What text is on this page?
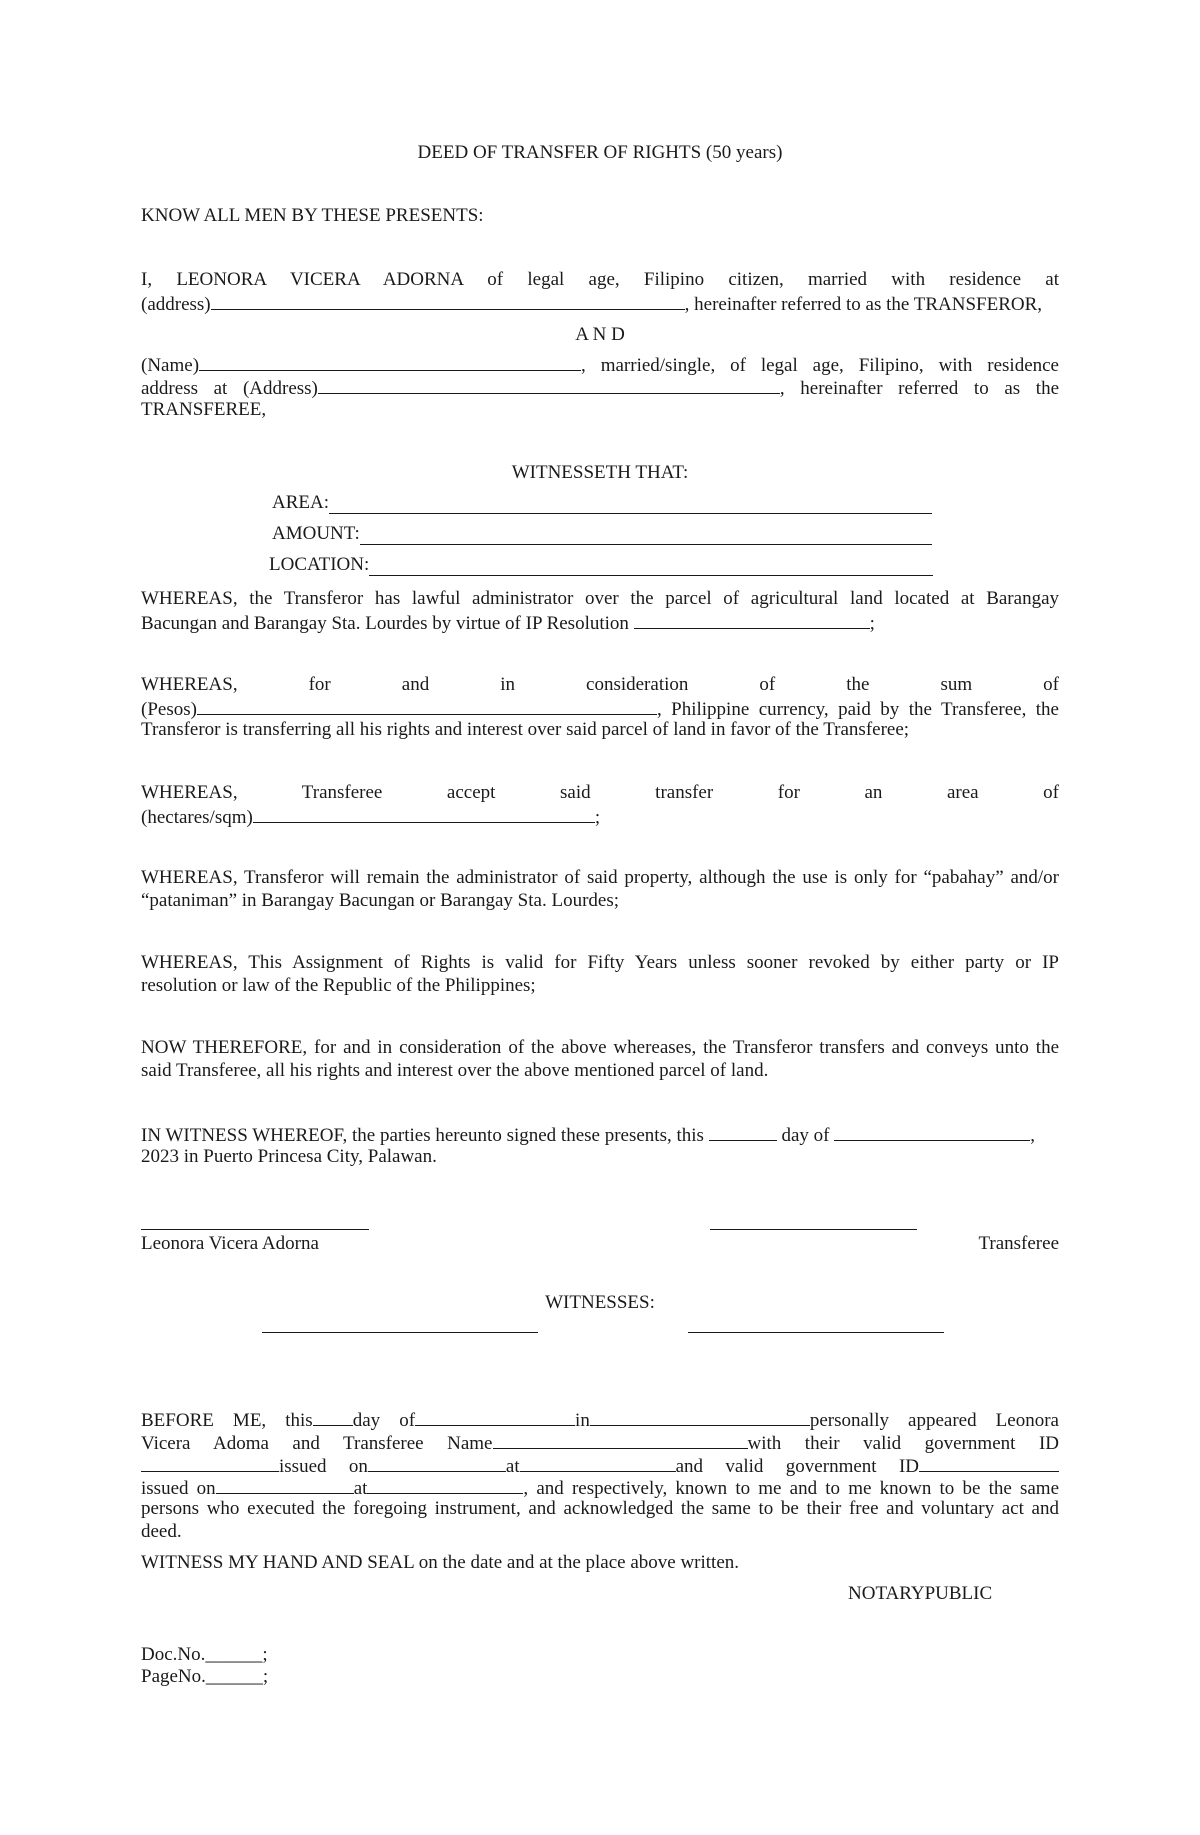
DEED OF TRANSFER OF RIGHTS (50 years)
KNOW ALL MEN BY THESE PRESENTS:
I, LEONORA VICERA ADORNA of legal age, Filipino citizen, married with residence at
(address)	, hereinafter referred to as the TRANSFEROR,
A N D
(Name)	, married/single, of legal age, Filipino, with residence
address at (Address)	, hereinafter referred to as the
TRANSFEREE,
WITNESSETH THAT:
AREA:
AMOUNT:
LOCATION:
WHEREAS, the Transferor has lawful administrator over the parcel of agricultural land located at Barangay
Bacungan and Barangay Sta. Lourdes by virtue of IP Resolution	;
WHEREAS, for and in consideration of the sum of
(Pesos)	, Philippine currency, paid by the Transferee, the
Transferor is transferring all his rights and interest over said parcel of land in favor of the Transferee;
WHEREAS, Transferee accept said transfer for an area of
(hectares/sqm)	;
WHEREAS, Transferor will remain the administrator of said property, although the use is only for “pabahay” and/or
“pataniman” in Barangay Bacungan or Barangay Sta. Lourdes;
WHEREAS, This Assignment of Rights is valid for Fifty Years unless sooner revoked by either party or IP
resolution or law of the Republic of the Philippines;
NOW THEREFORE, for and in consideration of the above whereases, the Transferor transfers and conveys unto the
said Transferee, all his rights and interest over the above mentioned parcel of land.
IN WITNESS WHEREOF, the parties hereunto signed these presents, this	day of	,
2023 in Puerto Princesa City, Palawan.
Leonora Vicera Adorna	Transferee
WITNESSES:
BEFORE ME, this day of	in	personally appeared Leonora
Vicera Adoma and Transferee Name	with their valid government ID
issued on	at	and valid government ID
issued on	at	, and respectively, known to me and to me known to be the same
persons who executed the foregoing instrument, and acknowledged the same to be their free and voluntary act and
deed.
WITNESS MY HAND AND SEAL on the date and at the place above written.
NOTARYPUBLIC
Doc.No.______;
PageNo.______;
